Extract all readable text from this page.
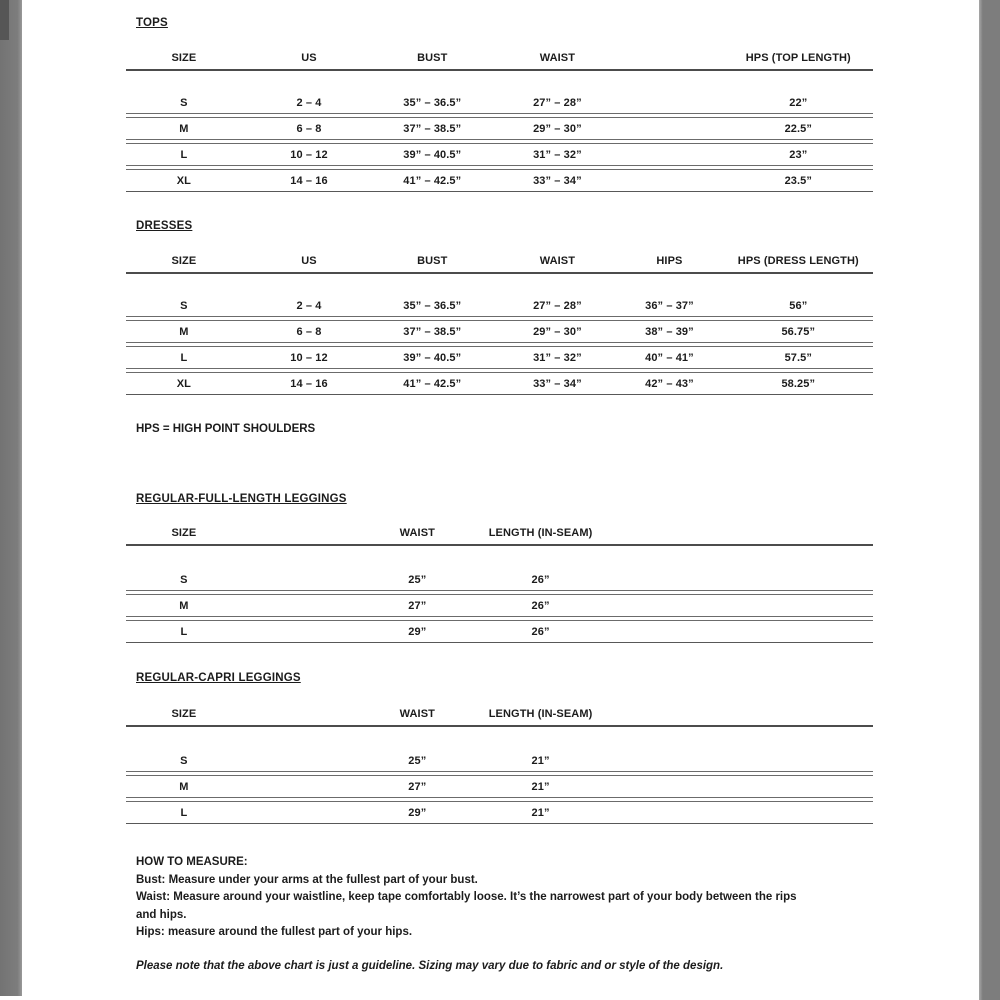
TOPS
DRESSES
REGULAR-FULL-LENGTH LEGGINGS
REGULAR-CAPRI LEGGINGS
SIZE	US	BUST	WAIST	HPS (TOP LENGTH)
S	2 – 4	35” – 36.5”	27” – 28”	22”
M	6 – 8	37” – 38.5”	29” – 30”	22.5”
L	10 – 12	39” – 40.5”	31” – 32”	23”
XL	14 – 16	41” – 42.5”	33” – 34”	23.5”
SIZE	US	BUST	WAIST	HIPS	HPS (DRESS LENGTH)
S	2 – 4	35” – 36.5”	27” – 28”	36” – 37”	56”
M	6 – 8	37” – 38.5”	29” – 30”	38” – 39”	56.75”
L	10 – 12	39” – 40.5”	31” – 32”	40” – 41”	57.5”
XL	14 – 16	41” – 42.5”	33” – 34”	42” – 43”	58.25”
SIZE	WAIST	LENGTH (IN-SEAM)
S	25”	26”
M	27”	26”
L	29”	26”
SIZE	WAIST	LENGTH (IN-SEAM)
S	25”	21”
M	27”	21”
L	29”	21”
HPS = HIGH POINT SHOULDERS
HOW TO MEASURE:
Bust: Measure under your arms at the fullest part of your bust.
Waist: Measure around your waistline, keep tape comfortably loose. It’s the narrowest part of your body between the rips
and hips.
Hips: measure around the fullest part of your hips.
Please note that the above chart is just a guideline. Sizing may vary due to fabric and or style of the design.
